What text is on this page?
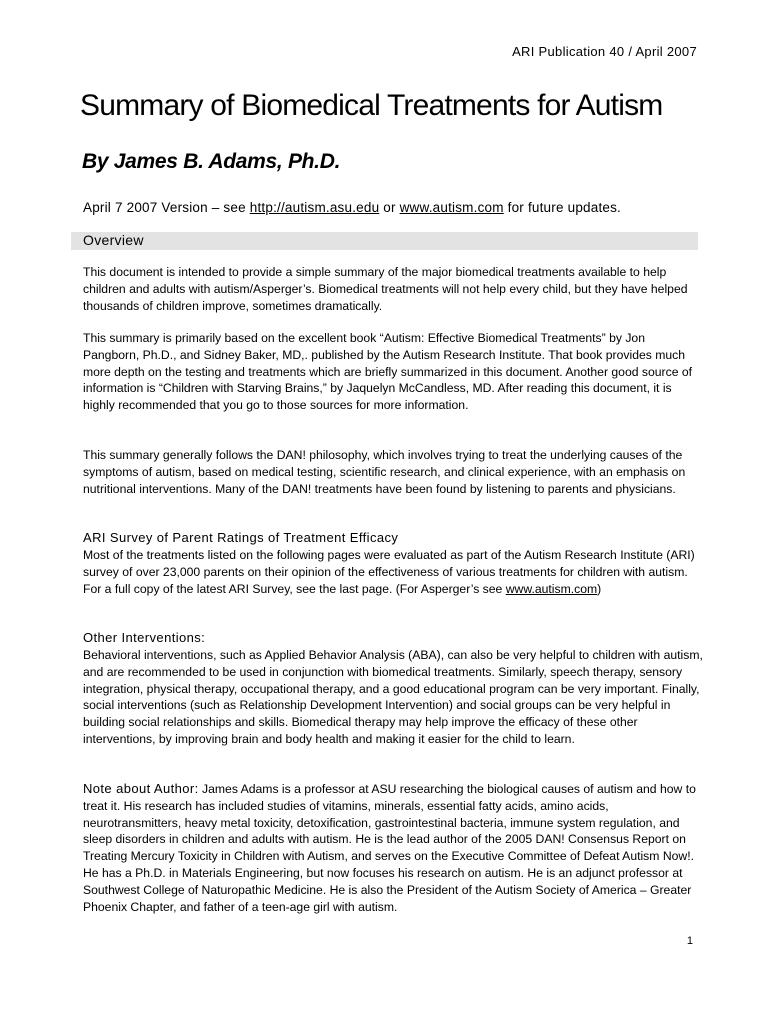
ARI Publication 40 / April 2007
Summary of Biomedical Treatments for Autism
By James B. Adams, Ph.D.
April 7 2007 Version – see http://autism.asu.edu or www.autism.com for future updates.
Overview

This document is intended to provide a simple summary of the major biomedical treatments available to help children and adults with autism/Asperger’s. Biomedical treatments will not help every child, but they have helped thousands of children improve, sometimes dramatically.

This summary is primarily based on the excellent book “Autism: Effective Biomedical Treatments” by Jon Pangborn, Ph.D., and Sidney Baker, MD,. published by the Autism Research Institute. That book provides much more depth on the testing and treatments which are briefly summarized in this document. Another good source of information is “Children with Starving Brains,” by Jaquelyn McCandless, MD. After reading this document, it is highly recommended that you go to those sources for more information.

This summary generally follows the DAN! philosophy, which involves trying to treat the underlying causes of the symptoms of autism, based on medical testing, scientific research, and clinical experience, with an emphasis on nutritional interventions. Many of the DAN! treatments have been found by listening to parents and physicians.

ARI Survey of Parent Ratings of Treatment Efficacy

Most of the treatments listed on the following pages were evaluated as part of the Autism Research Institute (ARI) survey of over 23,000 parents on their opinion of the effectiveness of various treatments for children with autism. For a full copy of the latest ARI Survey, see the last page. (For Asperger’s see www.autism.com)

Other Interventions:

Behavioral interventions, such as Applied Behavior Analysis (ABA), can also be very helpful to children with autism, and are recommended to be used in conjunction with biomedical treatments. Similarly, speech therapy, sensory integration, physical therapy, occupational therapy, and a good educational program can be very important. Finally, social interventions (such as Relationship Development Intervention) and social groups can be very helpful in building social relationships and skills. Biomedical therapy may help improve the efficacy of these other interventions, by improving brain and body health and making it easier for the child to learn.

Note about Author: James Adams is a professor at ASU researching the biological causes of autism and how to treat it. His research has included studies of vitamins, minerals, essential fatty acids, amino acids, neurotransmitters, heavy metal toxicity, detoxification, gastrointestinal bacteria, immune system regulation, and sleep disorders in children and adults with autism. He is the lead author of the 2005 DAN! Consensus Report on Treating Mercury Toxicity in Children with Autism, and serves on the Executive Committee of Defeat Autism Now!. He has a Ph.D. in Materials Engineering, but now focuses his research on autism. He is an adjunct professor at Southwest College of Naturopathic Medicine. He is also the President of the Autism Society of America – Greater Phoenix Chapter, and father of a teen-age girl with autism.

1
